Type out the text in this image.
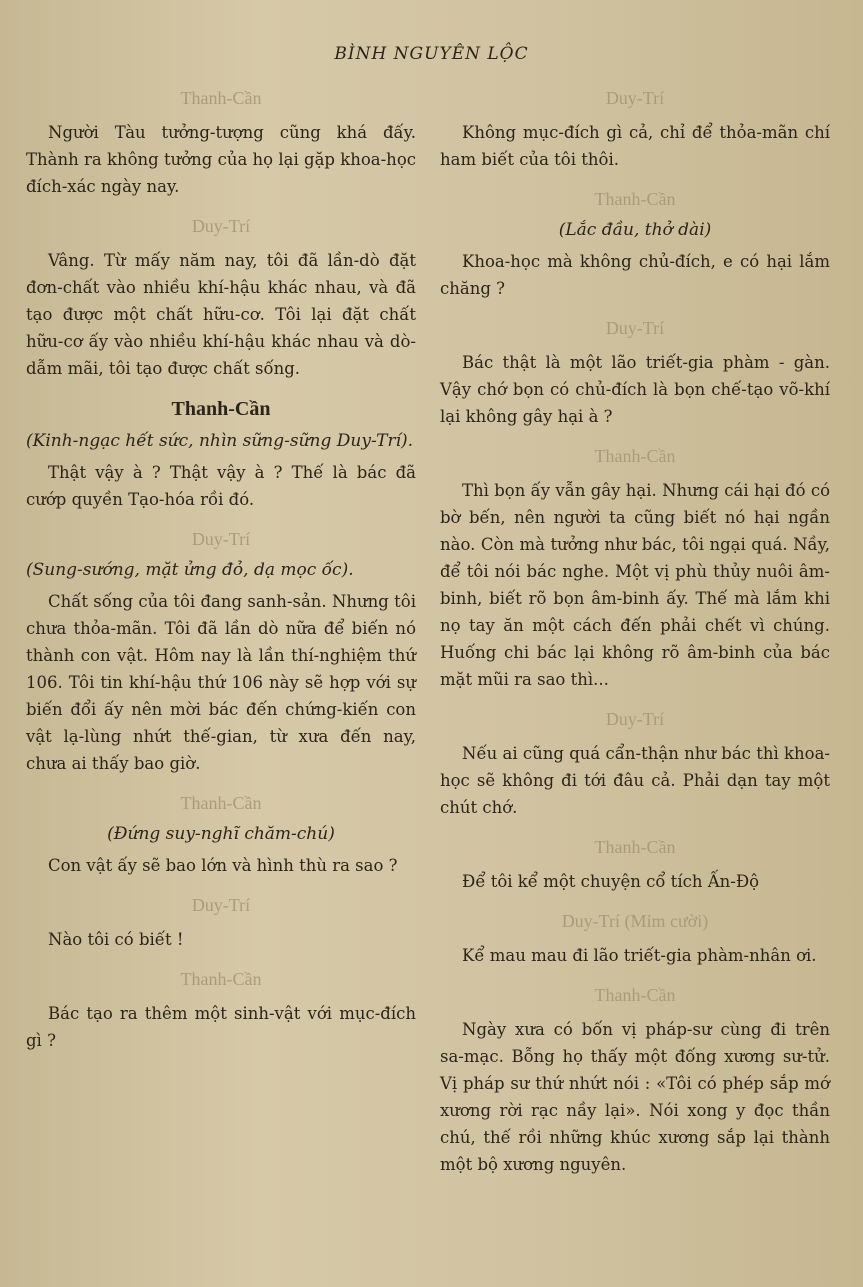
BÌNH NGUYÊN LỘC
Thanh-Cần

Người Tàu tưởng-tượng cũng khá đấy. Thành ra không tưởng của họ lại gặp khoa-học đích-xác ngày nay.

Duy-Trí

Vâng. Từ mấy năm nay, tôi đã lần-dò đặt đơn-chất vào nhiều khí-hậu khác nhau, và đã tạo được một chất hữu-cơ. Tôi lại đặt chất hữu-cơ ấy vào nhiều khí-hậu khác nhau và dò-dẫm mãi, tôi tạo được chất sống.

Thanh-Cần
(Kinh-ngạc hết sức, nhìn sững-sững Duy-Trí).

Thật vậy à ? Thật vậy à ? Thế là bác đã cướp quyền Tạo-hóa rồi đó.

Duy-Trí
(Sung-sướng, mặt ửng đỏ, dạ mọc ốc).

Chất sống của tôi đang sanh-sản. Nhưng tôi chưa thỏa-mãn. Tôi đã lần dò nữa để biến nó thành con vật. Hôm nay là lần thí-nghiệm thứ 106. Tôi tin khí-hậu thứ 106 này sẽ hợp với sự biến đổi ấy nên mời bác đến chứng-kiến con vật lạ-lùng nhứt thế-gian, từ xưa đến nay, chưa ai thấy bao giờ.

Thanh-Cần
(Đứng suy-nghĩ chăm-chú)

Con vật ấy sẽ bao lớn và hình thù ra sao ?

Duy-Trí

Nào tôi có biết !

Thanh-Cần

Bác tạo ra thêm một sinh-vật với mục-đích gì ?

Duy-Trí

Không mục-đích gì cả, chỉ để thỏa-mãn chí ham biết của tôi thôi.

Thanh-Cần
(Lắc đầu, thở dài)

Khoa-học mà không chủ-đích, e có hại lắm chăng ?

Duy-Trí

Bác thật là một lão triết-gia phàm - gàn. Vậy chớ bọn có chủ-đích là bọn chế-tạo võ-khí lại không gây hại à ?

Thanh-Cần

Thì bọn ấy vẫn gây hại. Nhưng cái hại đó có bờ bến, nên người ta cũng biết nó hại ngần nào. Còn mà tưởng như bác, tôi ngại quá. Nầy, để tôi nói bác nghe. Một vị phù thủy nuôi âm-binh, biết rõ bọn âm-binh ấy. Thế mà lắm khi nọ tay ăn một cách đến phải chết vì chúng. Huống chi bác lại không rõ âm-binh của bác mặt mũi ra sao thì...

Duy-Trí

Nếu ai cũng quá cẩn-thận như bác thì khoa-học sẽ không đi tới đâu cả. Phải dạn tay một chút chớ.

Thanh-Cần

Để tôi kể một chuyện cổ tích Ấn-Độ

Duy-Trí (Mỉm cười)

Kể mau mau đi lão triết-gia phàm-nhân ơi.

Thanh-Cần

Ngày xưa có bốn vị pháp-sư cùng đi trên sa-mạc. Bỗng họ thấy một đống xương sư-tử. Vị pháp sư thứ nhứt nói : «Tôi có phép sắp mớ xương rời rạc nầy lại». Nói xong y đọc thần chú, thế rồi những khúc xương sắp lại thành một bộ xương nguyên.
